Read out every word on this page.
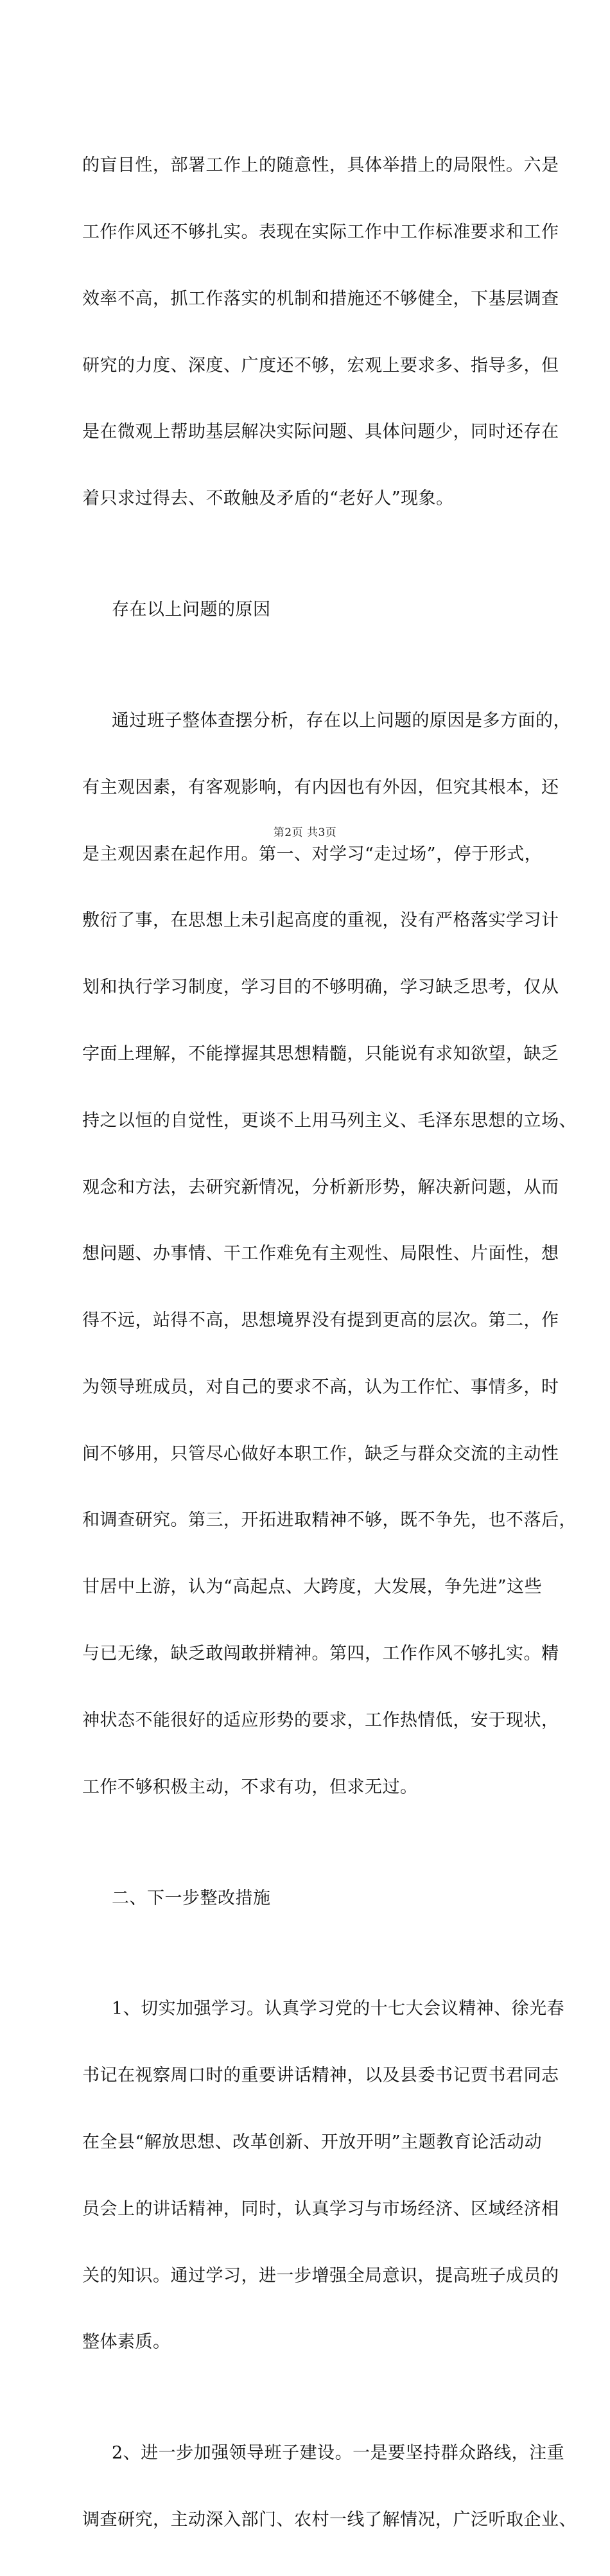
的盲目性，部署工作上的随意性，具体举措上的局限性。六是

工作作风还不够扎实。表现在实际工作中工作标准要求和工作

效率不高，抓工作落实的机制和措施还不够健全，下基层调查

研究的力度、深度、广度还不够，宏观上要求多、指导多，但

是在微观上帮助基层解决实际问题、具体问题少，同时还存在

着只求过得去、不敢触及矛盾的“老好人”现象。

存在以上问题的原因

通过班子整体查摆分析，存在以上问题的原因是多方面的，

有主观因素，有客观影响，有内因也有外因，但究其根本，还

是主观因素在起作用。第一、对学习“走过场”，停于形式，

敷衍了事，在思想上未引起高度的重视，没有严格落实学习计

划和执行学习制度，学习目的不够明确，学习缺乏思考，仅从

字面上理解，不能撑握其思想精髓，只能说有求知欲望，缺乏

持之以恒的自觉性，更谈不上用马列主义、毛泽东思想的立场、

观念和方法，去研究新情况，分析新形势，解决新问题，从而

想问题、办事情、干工作难免有主观性、局限性、片面性，想

得不远，站得不高，思想境界没有提到更高的层次。第二，作

为领导班成员，对自己的要求不高，认为工作忙、事情多，时

间不够用，只管尽心做好本职工作，缺乏与群众交流的主动性

和调查研究。第三，开拓进取精神不够，既不争先，也不落后，

甘居中上游，认为“高起点、大跨度，大发展，争先进”这些

与已无缘，缺乏敢闯敢拼精神。第四，工作作风不够扎实。精

神状态不能很好的适应形势的要求，工作热情低，安于现状，

工作不够积极主动，不求有功，但求无过。

二、下一步整改措施

1、切实加强学习。认真学习党的十七大会议精神、徐光春

书记在视察周口时的重要讲话精神，以及县委书记贾书君同志

在全县“解放思想、改革创新、开放开明”主题教育论活动动

员会上的讲话精神，同时，认真学习与市场经济、区域经济相

关的知识。通过学习，进一步增强全局意识，提高班子成员的

整体素质。

2、进一步加强领导班子建设。一是要坚持群众路线，注重

调查研究，主动深入部门、农村一线了解情况，广泛听取企业、

第2页 共3页
